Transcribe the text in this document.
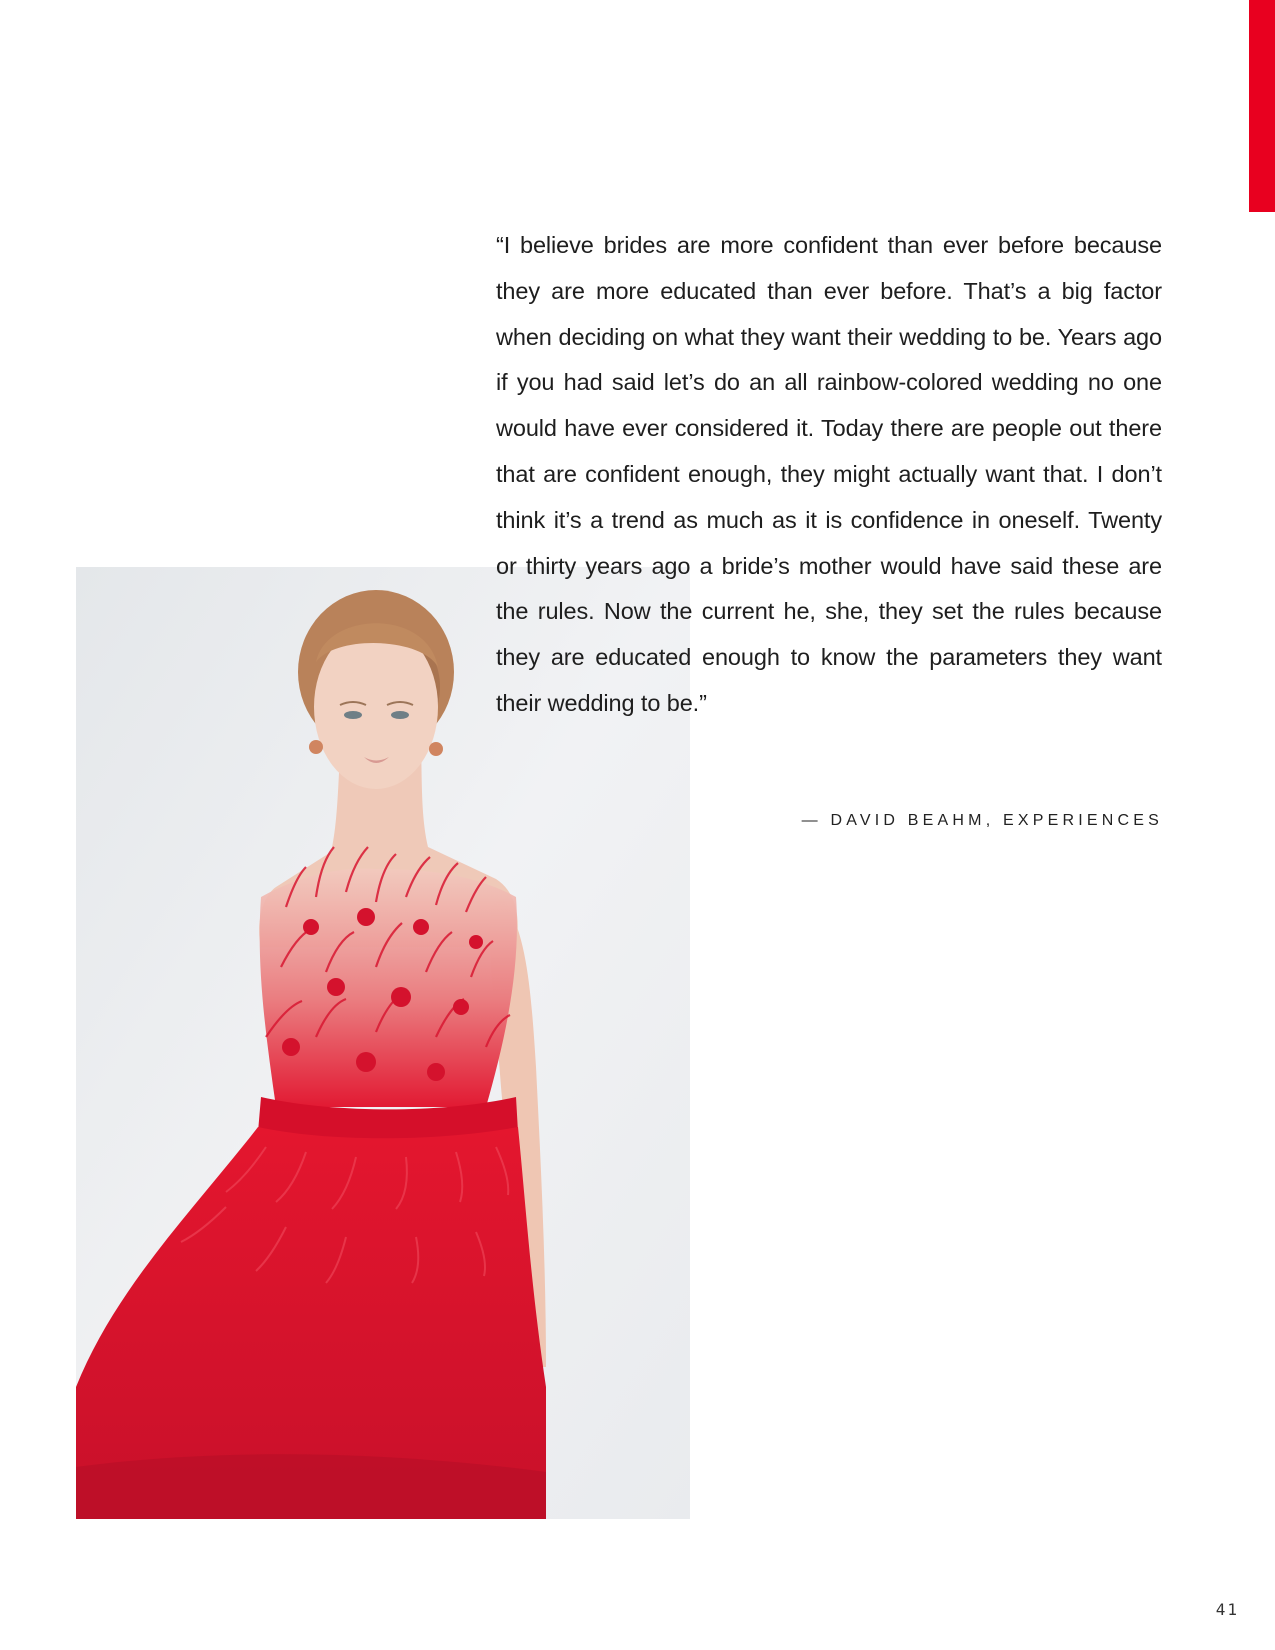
“I believe brides are more confident than ever before because they are more educated than ever before. That’s a big factor when deciding on what they want their wedding to be. Years ago if you had said let’s do an all rainbow-colored wedding no one would have ever considered it. Today there are people out there that are confident enough, they might actually want that. I don’t think it’s a trend as much as it is confidence in oneself. Twenty or thirty years ago a bride’s mother would have said these are the rules. Now the current he, she, they set the rules because they are educated enough to know the parameters they want their wedding to be.”

— DAVID BEAHM, EXPERIENCES
41
